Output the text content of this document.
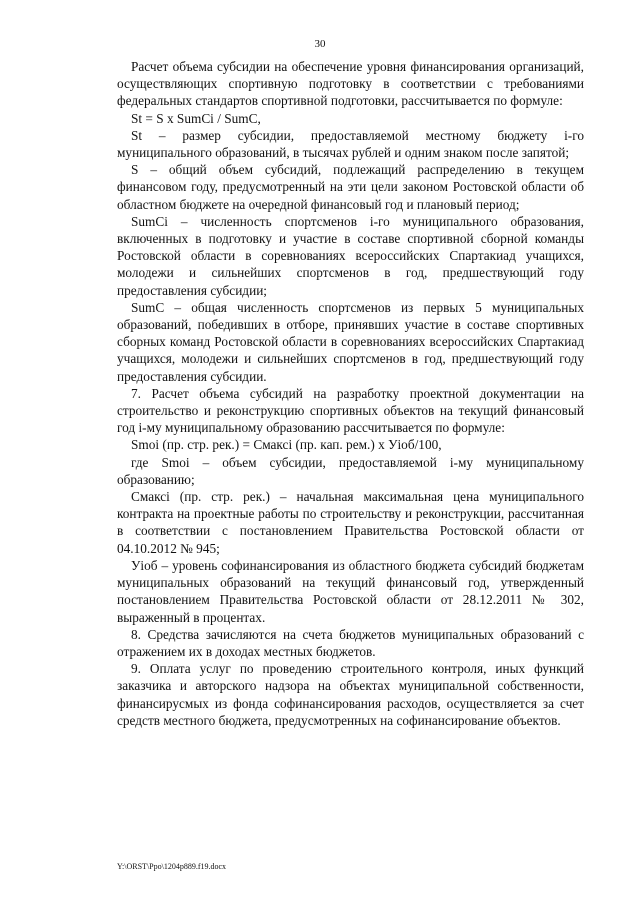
30

Расчет объема субсидии на обеспечение уровня финансирования организаций, осуществляющих спортивную подготовку в соответствии с требованиями федеральных стандартов спортивной подготовки, рассчитывается по формуле:

St = S x SumCi / SumC,

St – размер субсидии, предоставляемой местному бюджету i-го муниципального образований, в тысячах рублей и одним знаком после запятой;

S – общий объем субсидий, подлежащий распределению в текущем финансовом году, предусмотренный на эти цели законом Ростовской области об областном бюджете на очередной финансовый год и плановый период;

SumCi – численность спортсменов i-го муниципального образования, включенных в подготовку и участие в составе спортивной сборной команды Ростовской области в соревнованиях всероссийских Спартакиад учащихся, молодежи и сильнейших спортсменов в год, предшествующий году предоставления субсидии;

SumC – общая численность спортсменов из первых 5 муниципальных образований, победивших в отборе, принявших участие в составе спортивных сборных команд Ростовской области в соревнованиях всероссийских Спартакиад учащихся, молодежи и сильнейших спортсменов в год, предшествующий году предоставления субсидии.

7. Расчет объема субсидий на разработку проектной документации на строительство и реконструкцию спортивных объектов на текущий финансовый год i-му муниципальному образованию рассчитывается по формуле:

Smoi (пр. стр. рек.) = Смаксi (пр. кап. рем.) х Уiоб/100,

где Smoi – объем субсидии, предоставляемой i-му муниципальному образованию;

Смаксi (пр. стр. рек.) – начальная максимальная цена муниципального контракта на проектные работы по строительству и реконструкции, рассчитанная в соответствии с постановлением Правительства Ростовской области от 04.10.2012 № 945;

Уiоб – уровень софинансирования из областного бюджета субсидий бюджетам муниципальных образований на текущий финансовый год, утвержденный постановлением Правительства Ростовской области от 28.12.2011 № 302, выраженный в процентах.

8. Средства зачисляются на счета бюджетов муниципальных образований с отражением их в доходах местных бюджетов.

9. Оплата услуг по проведению строительного контроля, иных функций заказчика и авторского надзора на объектах муниципальной собственности, финансирусмых из фонда софинансирования расходов, осуществляется за счет средств местного бюджета, предусмотренных на софинансирование объектов.

Y:\ORST\Ppo\1204p889.f19.docx
